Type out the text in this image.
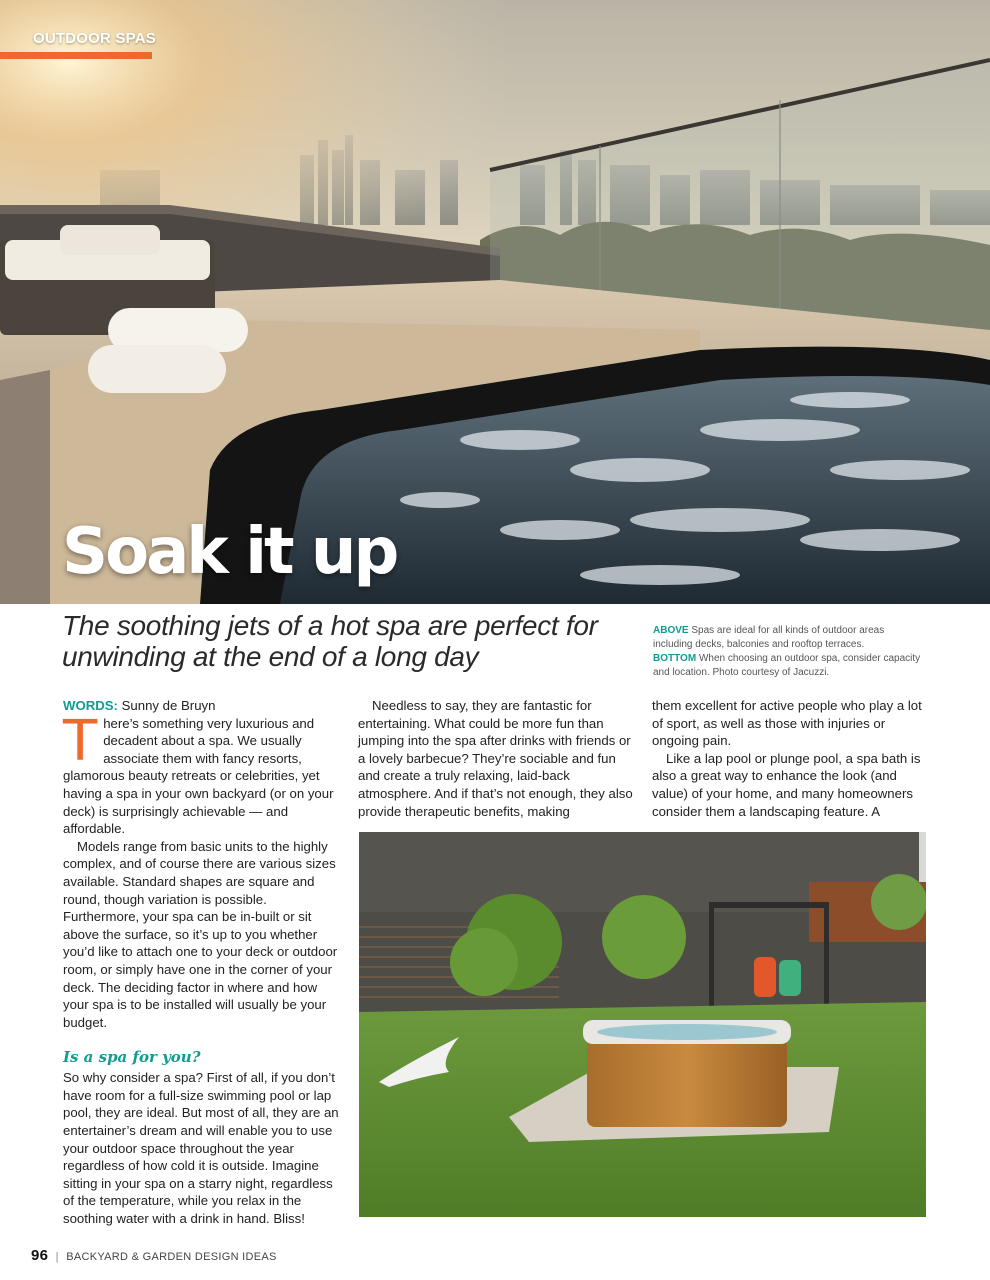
OUTDOOR SPAS
Soak it up
The soothing jets of a hot spa are perfect for unwinding at the end of a long day
ABOVE Spas are ideal for all kinds of outdoor areas including decks, balconies and rooftop terraces.
BOTTOM When choosing an outdoor spa, consider capacity and location. Photo courtesy of Jacuzzi.

WORDS: Sunny de Bruyn

There’s something very luxurious and decadent about a spa. We usually associate them with fancy resorts, glamorous beauty retreats or celebrities, yet having a spa in your own backyard (or on your deck) is surprisingly achievable — and affordable.

Models range from basic units to the highly complex, and of course there are various sizes available. Standard shapes are square and round, though variation is possible. Furthermore, your spa can be in-built or sit above the surface, so it’s up to you whether you’d like to attach one to your deck or outdoor room, or simply have one in the corner of your deck. The deciding factor in where and how your spa is to be installed will usually be your budget.

Is a spa for you?

So why consider a spa? First of all, if you don’t have room for a full-size swimming pool or lap pool, they are ideal. But most of all, they are an entertainer’s dream and will enable you to use your outdoor space throughout the year regardless of how cold it is outside. Imagine sitting in your spa on a starry night, regardless of the temperature, while you relax in the soothing water with a drink in hand. Bliss!

Needless to say, they are fantastic for entertaining. What could be more fun than jumping into the spa after drinks with friends or a lovely barbecue? They’re sociable and fun and create a truly relaxing, laid-back atmosphere. And if that’s not enough, they also provide therapeutic benefits, making

them excellent for active people who play a lot of sport, as well as those with injuries or ongoing pain.

Like a lap pool or plunge pool, a spa bath is also a great way to enhance the look (and value) of your home, and many homeowners consider them a landscaping feature. A

96 | BACKYARD & GARDEN DESIGN IDEAS
